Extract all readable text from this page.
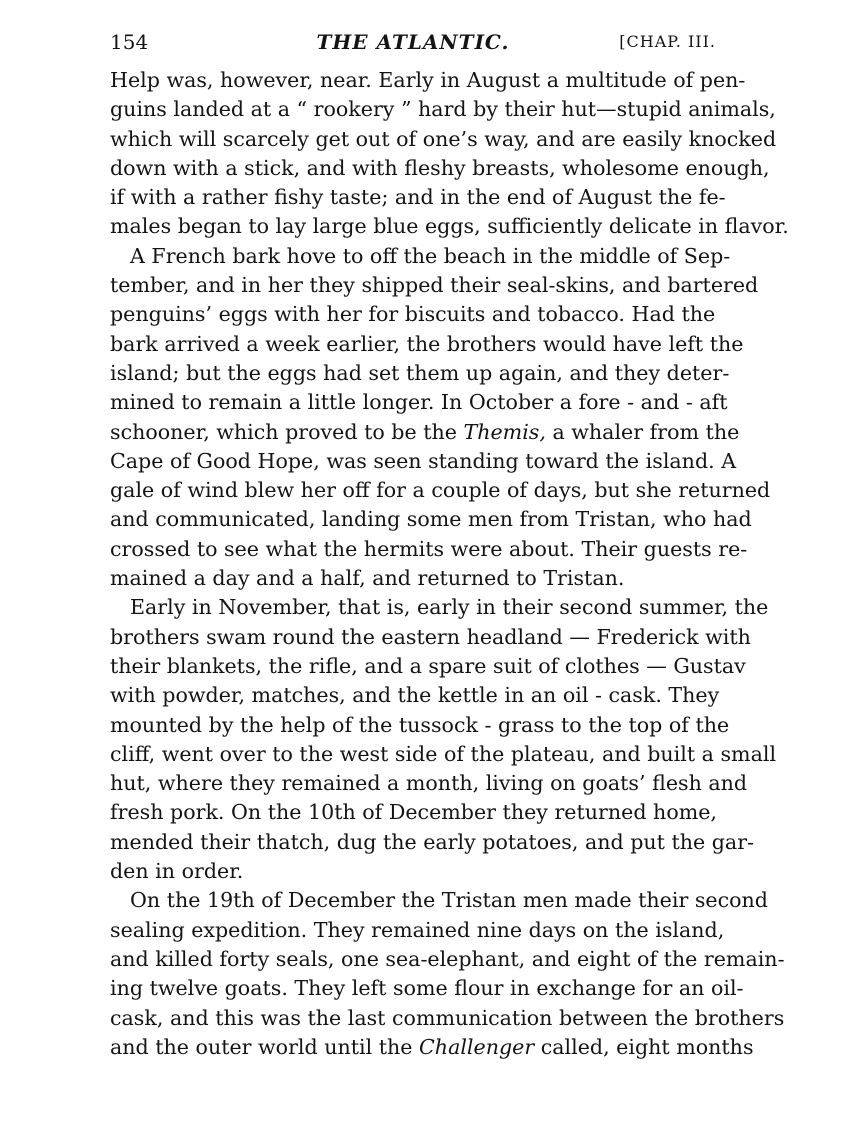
154	THE ATLANTIC.	[CHAP. III.
Help was, however, near. Early in August a multitude of pen-
guins landed at a “ rookery ” hard by their hut—stupid animals,
which will scarcely get out of one’s way, and are easily knocked
down with a stick, and with fleshy breasts, wholesome enough,
if with a rather fishy taste; and in the end of August the fe-
males began to lay large blue eggs, sufficiently delicate in flavor.
A French bark hove to off the beach in the middle of Sep-
tember, and in her they shipped their seal-skins, and bartered
penguins’ eggs with her for biscuits and tobacco. Had the
bark arrived a week earlier, the brothers would have left the
island; but the eggs had set them up again, and they deter-
mined to remain a little longer. In October a fore - and - aft
schooner, which proved to be the Themis, a whaler from the
Cape of Good Hope, was seen standing toward the island. A
gale of wind blew her off for a couple of days, but she returned
and communicated, landing some men from Tristan, who had
crossed to see what the hermits were about. Their guests re-
mained a day and a half, and returned to Tristan.
Early in November, that is, early in their second summer, the
brothers swam round the eastern headland — Frederick with
their blankets, the rifle, and a spare suit of clothes — Gustav
with powder, matches, and the kettle in an oil - cask. They
mounted by the help of the tussock - grass to the top of the
cliff, went over to the west side of the plateau, and built a small
hut, where they remained a month, living on goats’ flesh and
fresh pork. On the 10th of December they returned home,
mended their thatch, dug the early potatoes, and put the gar-
den in order.
On the 19th of December the Tristan men made their second
sealing expedition. They remained nine days on the island,
and killed forty seals, one sea-elephant, and eight of the remain-
ing twelve goats. They left some flour in exchange for an oil-
cask, and this was the last communication between the brothers
and the outer world until the Challenger called, eight months
